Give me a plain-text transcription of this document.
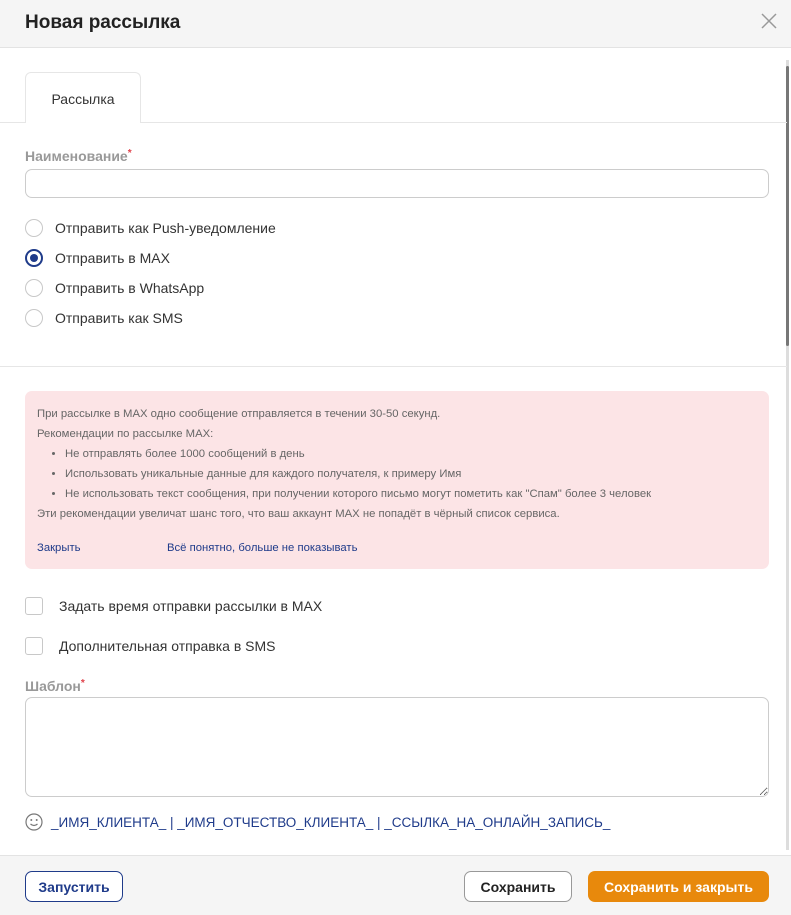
Новая рассылка
Рассылка
Наименование*
Отправить как Push-уведомление
Отправить в MAX
Отправить в WhatsApp
Отправить как SMS
При рассылке в MAX одно сообщение отправляется в течении 30-50 секунд.
Рекомендации по рассылке MAX:
• Не отправлять более 1000 сообщений в день
• Использовать уникальные данные для каждого получателя, к примеру Имя
• Не использовать текст сообщения, при получении которого письмо могут пометить как "Спам" более 3 человек
Эти рекомендации увеличат шанс того, что ваш аккаунт MAX не попадёт в чёрный список сервиса.
Закрыть	Всё понятно, больше не показывать
Задать время отправки рассылки в MAX
Дополнительная отправка в SMS
Шаблон*
_ИМЯ_КЛИЕНТА_ | _ИМЯ_ОТЧЕСТВО_КЛИЕНТА_ | _ССЫЛКА_НА_ОНЛАЙН_ЗАПИСЬ_
Запустить	Сохранить	Сохранить и закрыть
